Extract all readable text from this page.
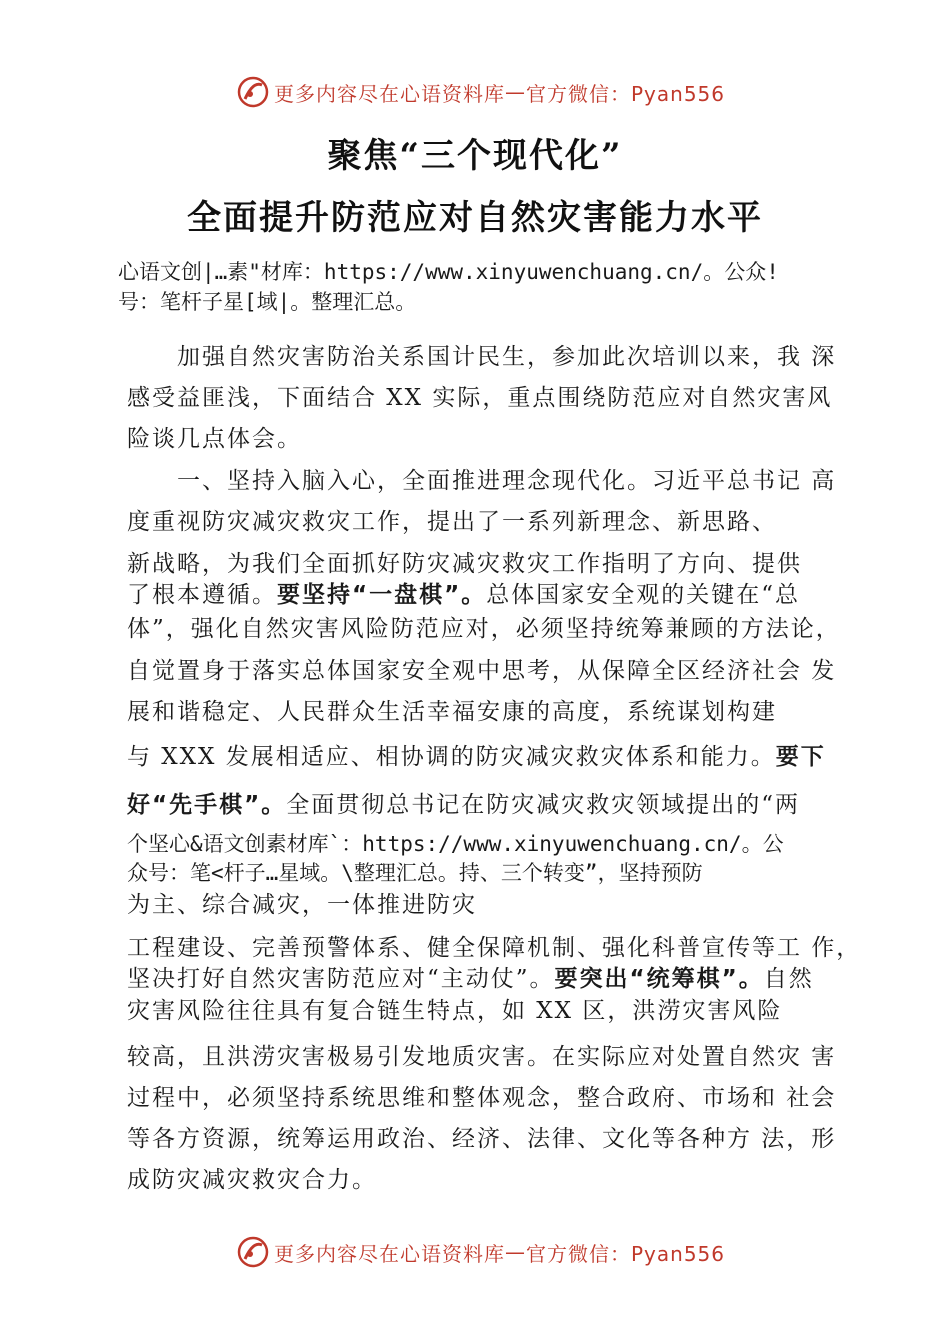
更多内容尽在心语资料库 — 官方微信：Pyan556
聚焦“三个现代化”
全面提升防范应对自然灾害能力水平
心语文创|…素"材库：https://www.xinyuwenchuang.cn/。公众!
号：笔杆子星[域|。整理汇总。
加强自然灾害防治关系国计民生，参加此次培训以来，我 深
感受益匪浅，下面结合 XX 实际，重点围绕防范应对自然灾害风
险谈几点体会。
一、坚持入脑入心，全面推进理念现代化。习近平总书记 高
度重视防灾减灾救灾工作，提出了一系列新理念、新思路、
新战略，为我们全面抓好防灾减灾救灾工作指明了方向、提供
了根本遵循。要坚持“一盘棋”。总体国家安全观的关键在“总
体”，强化自然灾害风险防范应对，必须坚持统筹兼顾的方法论，
自觉置身于落实总体国家安全观中思考，从保障全区经济社会 发
展和谐稳定、人民群众生活幸福安康的高度，系统谋划构建
与 XXX 发展相适应、相协调的防灾减灾救灾体系和能力。要下
好“先手棋”。全面贯彻总书记在防灾减灾救灾领域提出的“两
个坚心&语文创素材库`：https://www.xinyuwenchuang.cn/。公
众号：笔<杆子…星域。\整理汇总。持、三个转变”，坚持预防
为主、综合减灾，一体推进防灾
工程建设、完善预警体系、健全保障机制、强化科普宣传等工 作，
坚决打好自然灾害防范应对“主动仗”。要突出“统筹棋”。自然
灾害风险往往具有复合链生特点，如 XX 区，洪涝灾害风险
较高，且洪涝灾害极易引发地质灾害。在实际应对处置自然灾 害
过程中，必须坚持系统思维和整体观念，整合政府、市场和 社会
等各方资源，统筹运用政治、经济、法律、文化等各种方 法，形
成防灾减灾救灾合力。
更多内容尽在心语资料库 — 官方微信：Pyan556
